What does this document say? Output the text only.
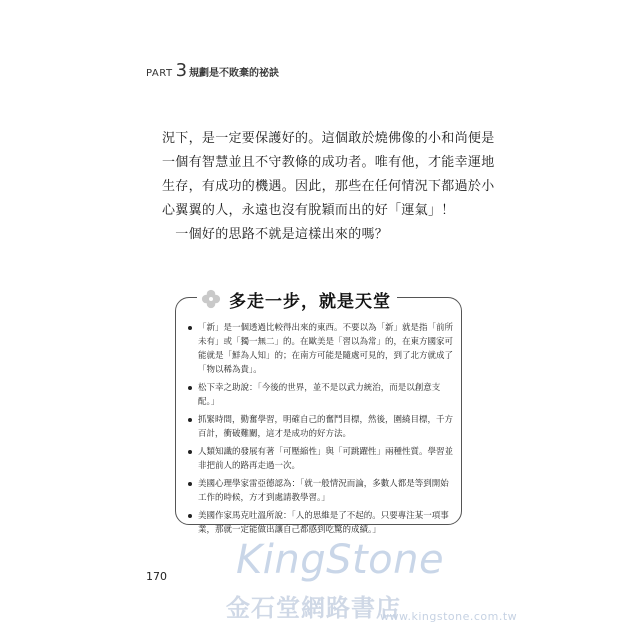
PART 3 規劃是不敗棄的祕訣

況下，是一定要保護好的。這個敢於燒佛像的小和尚便是

一個有智慧並且不守教條的成功者。唯有他，才能幸運地

生存，有成功的機遇。因此，那些在任何情況下都過於小

心翼翼的人，永遠也沒有脫穎而出的好「運氣」！

　一個好的思路不就是這樣出來的嗎？

多走一步，就是天堂
「新」是一個透過比較得出來的東西。不要以為「新」就是指「前所
未有」或「獨一無二」的。在歐美是「習以為常」的，在東方國家可
能就是「鮮為人知」的；在南方可能是隨處可見的，到了北方就成了
「物以稀為貴」。
松下幸之助說：「今後的世界，並不是以武力統治，而是以創意支
配。」
抓緊時間，勤奮學習，明確自己的奮鬥目標，然後，圍繞目標，千方
百計，衝破難關，這才是成功的好方法。
人類知識的發展有著「可壓縮性」與「可跳躍性」兩種性質。學習並
非把前人的路再走過一次。
美國心理學家雷亞德認為：「就一般情況而論，多數人都是等到開始
工作的時候，方才到處請教學習。」
美國作家馬克吐溫所說：「人的思維是了不起的。只要專注某一項事
業，那就一定能做出讓自己都感到吃驚的成績。」
170 KingStone
金石堂網路書店
www.kingstone.com.tw
